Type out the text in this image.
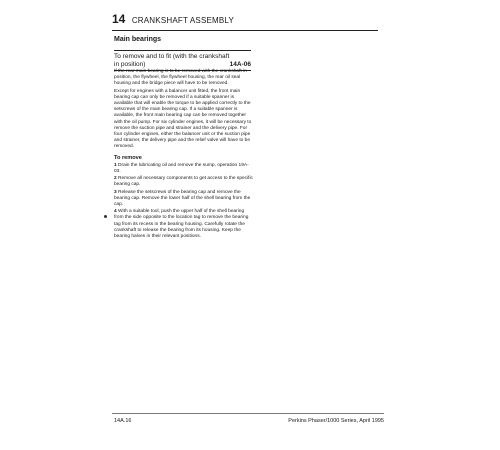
14 CRANKSHAFT ASSEMBLY
Main bearings
To remove and to fit (with the crankshaft
in position)	14A-06

If the rear main bearing is to be removed with the crankshaft in position, the flywheel, the flywheel housing, the rear oil seal housing and the bridge piece will have to be removed.

Except for engines with a balancer unit fitted, the front main bearing cap can only be removed if a suitable spanner is available that will enable the torque to be applied correctly to the setscrews of the main bearing cap. If a suitable spanner is available, the front main bearing cap can be removed together with the oil pump. For six cylinder engines, it will be necessary to remove the suction pipe and strainer and the delivery pipe. For four cylinder engines, either the balancer unit or the suction pipe and strainer, the delivery pipe and the relief valve will have to be removed.

To remove

1 Drain the lubricating oil and remove the sump, operation 19A-03.

2 Remove all necessary components to get access to the specific bearing cap.

3 Release the setscrews of the bearing cap and remove the bearing cap. Remove the lower half of the shell bearing from the cap.

4 With a suitable tool, push the upper half of the shell bearing from the side opposite to the location tag to remove the bearing tag from its recess in the bearing housing. Carefully rotate the crankshaft to release the bearing from its housing. Keep the bearing halves in their relevant positions.

14A.16	Perkins Phaser/1000 Series, April 1995
